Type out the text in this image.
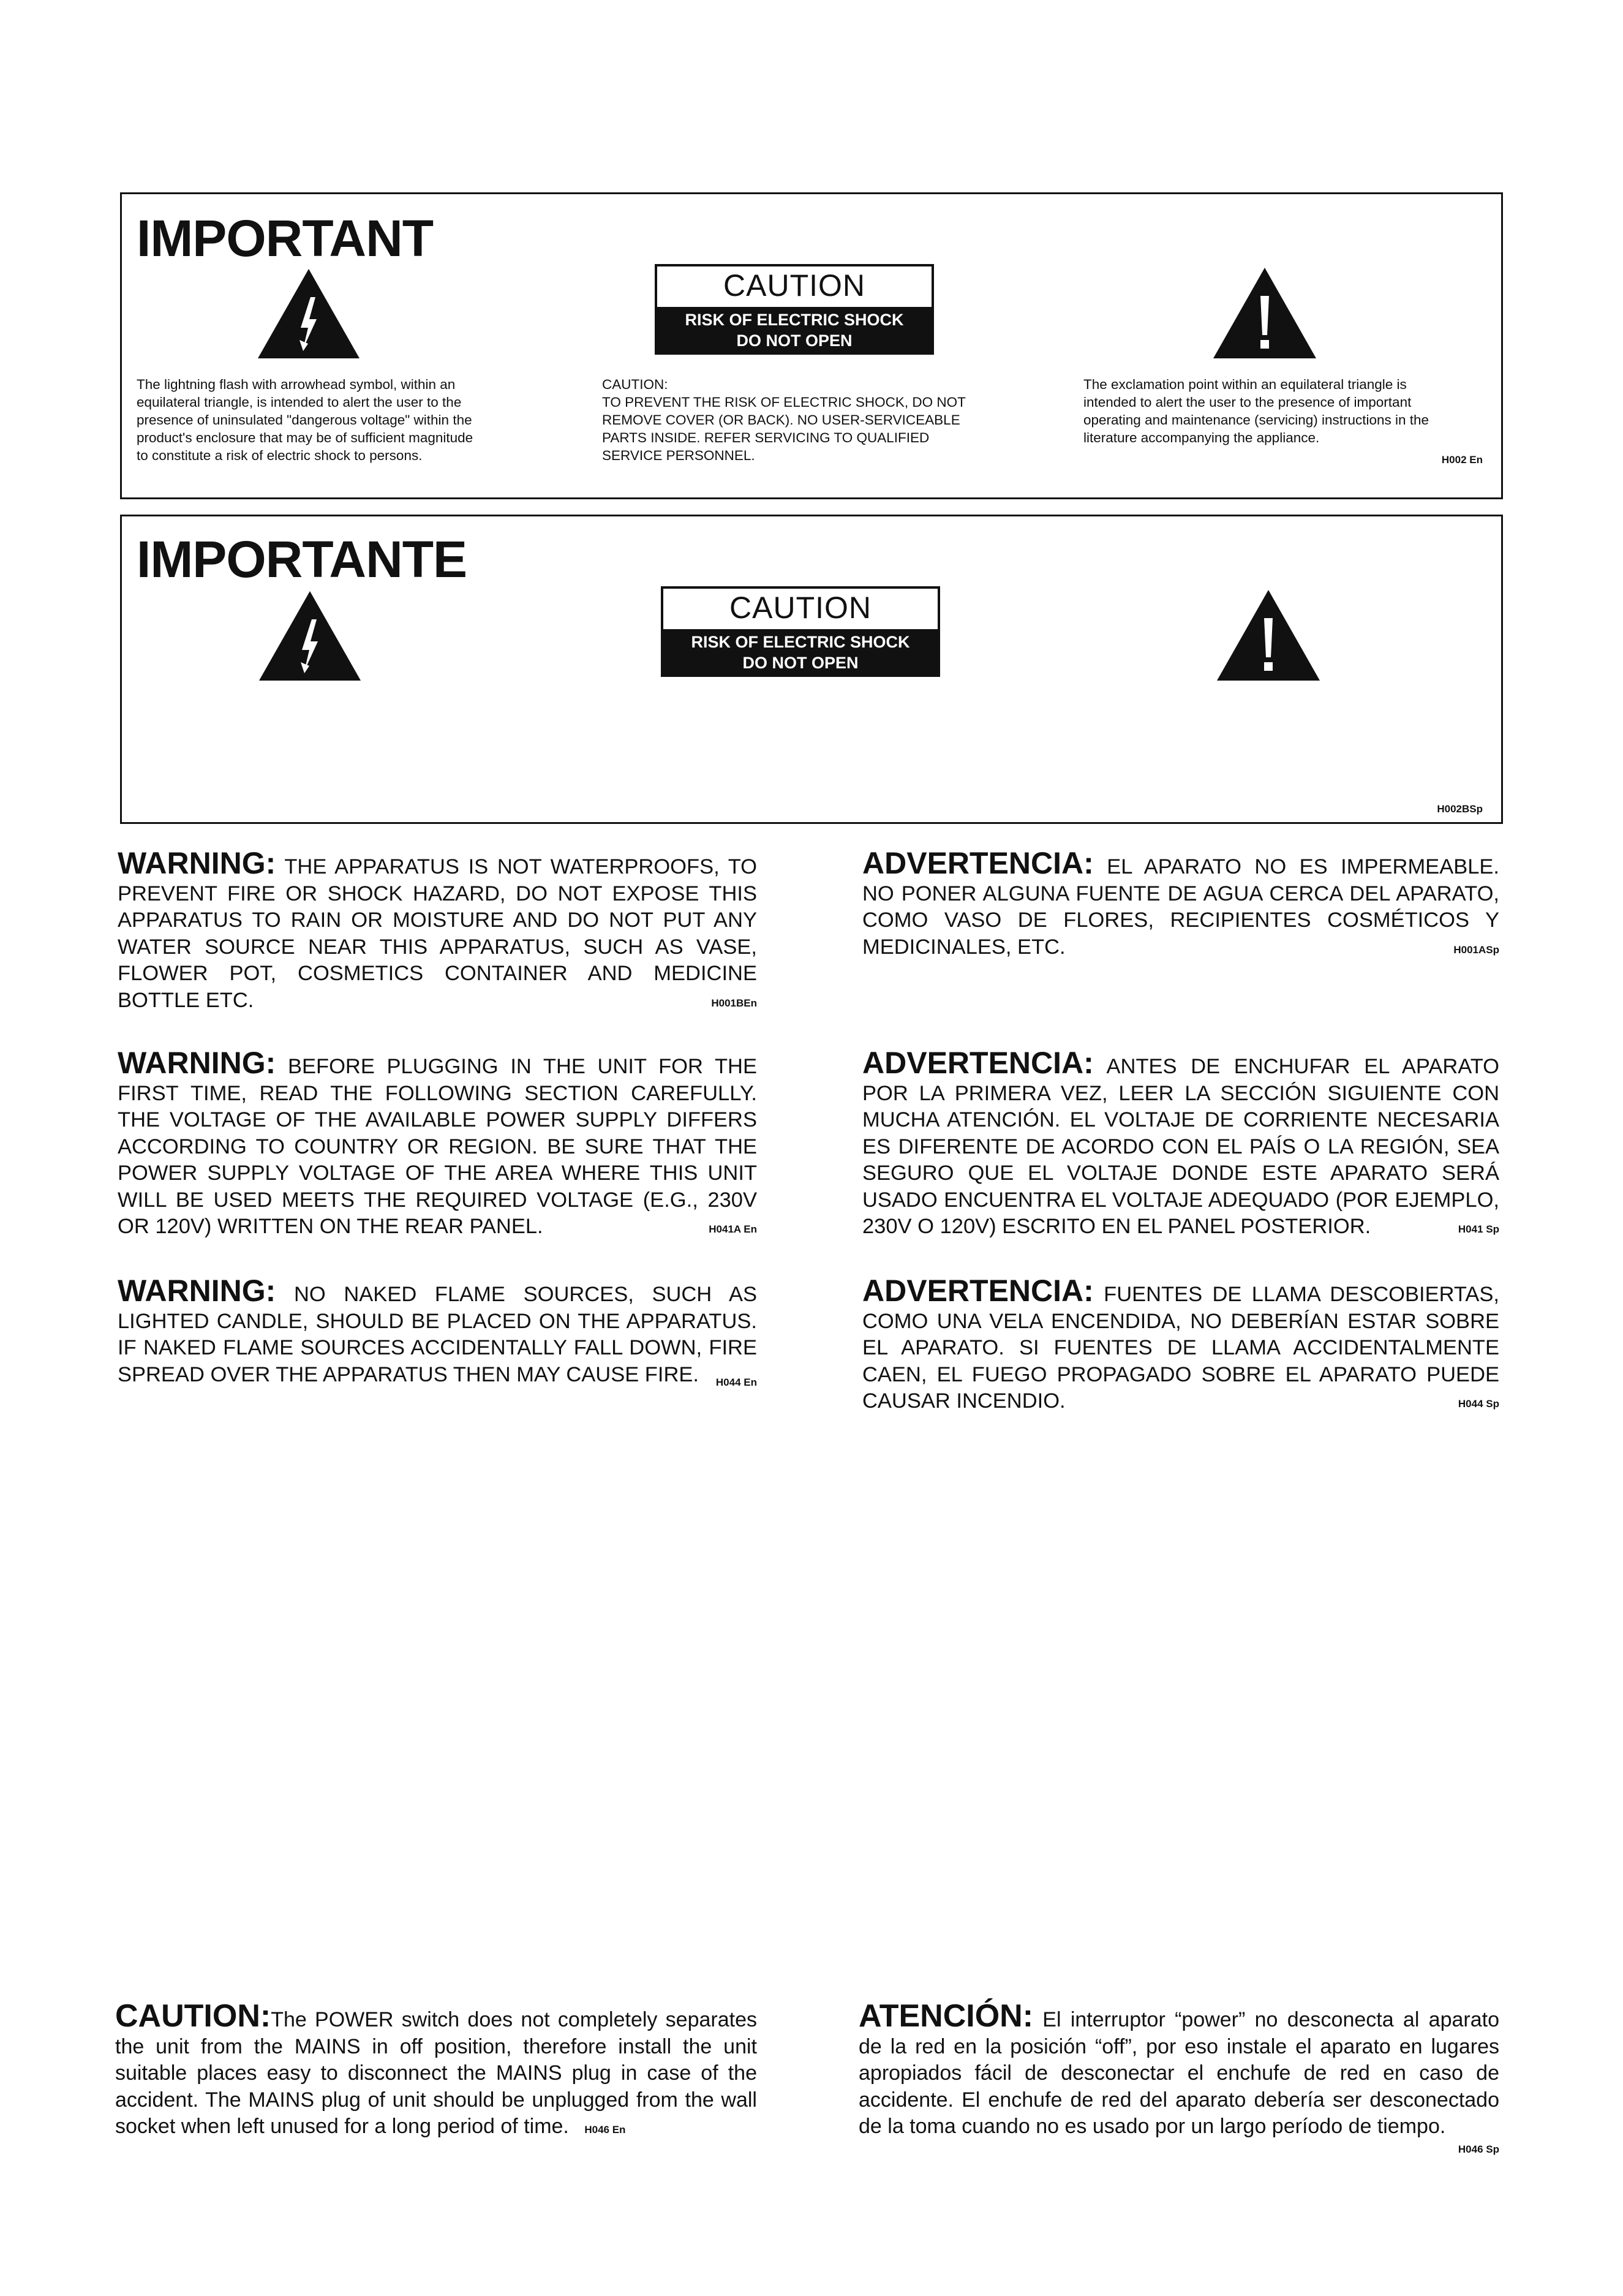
IMPORTANT
CAUTION
RISK OF ELECTRIC SHOCK
DO NOT OPEN
The lightning flash with arrowhead symbol, within an
equilateral triangle, is intended to alert the user to the
presence of uninsulated "dangerous voltage" within the
product's enclosure that may be of sufficient magnitude
to constitute a risk of electric shock to persons.
CAUTION:
TO PREVENT THE RISK OF ELECTRIC SHOCK, DO NOT
REMOVE COVER (OR BACK). NO USER-SERVICEABLE
PARTS INSIDE. REFER SERVICING TO QUALIFIED
SERVICE PERSONNEL.
The exclamation point within an equilateral triangle is
intended to alert the user to the presence of important
operating and maintenance (servicing) instructions in the
literature accompanying the appliance.
H002 En
IMPORTANTE
CAUTION
RISK OF ELECTRIC SHOCK
DO NOT OPEN
H002BSp
WARNING: THE APPARATUS IS NOT WATERPROOFS, TO PREVENT FIRE OR SHOCK HAZARD, DO NOT EXPOSE THIS APPARATUS TO RAIN OR MOISTURE AND DO NOT PUT ANY WATER SOURCE NEAR THIS APPARATUS, SUCH AS VASE, FLOWER POT, COSMETICS CONTAINER AND MEDICINE BOTTLE ETC.	H001BEn
WARNING: BEFORE PLUGGING IN THE UNIT FOR THE FIRST TIME, READ THE FOLLOWING SECTION CAREFULLY. THE VOLTAGE OF THE AVAILABLE POWER SUPPLY DIFFERS ACCORDING TO COUNTRY OR REGION. BE SURE THAT THE POWER SUPPLY VOLTAGE OF THE AREA WHERE THIS UNIT WILL BE USED MEETS THE REQUIRED VOLTAGE (E.G., 230V OR 120V) WRITTEN ON THE REAR PANEL.	H041A En
WARNING: NO NAKED FLAME SOURCES, SUCH AS LIGHTED CANDLE, SHOULD BE PLACED ON THE APPARATUS. IF NAKED FLAME SOURCES ACCIDENTALLY FALL DOWN, FIRE SPREAD OVER THE APPARATUS THEN MAY CAUSE FIRE. H044 En
ADVERTENCIA: EL APARATO NO ES IMPERMEABLE. NO PONER ALGUNA FUENTE DE AGUA CERCA DEL APARATO, COMO VASO DE FLORES, RECIPIENTES COSMÉTICOS Y MEDICINALES, ETC.	H001ASp
ADVERTENCIA: ANTES DE ENCHUFAR EL APARATO POR LA PRIMERA VEZ, LEER LA SECCIÓN SIGUIENTE CON MUCHA ATENCIÓN. EL VOLTAJE DE CORRIENTE NECESARIA ES DIFERENTE DE ACORDO CON EL PAÍS O LA REGIÓN, SEA SEGURO QUE EL VOLTAJE DONDE ESTE APARATO SERÁ USADO ENCUENTRA EL VOLTAJE ADEQUADO (POR EJEMPLO, 230V O 120V) ESCRITO EN EL PANEL POSTERIOR.	H041 Sp
ADVERTENCIA: FUENTES DE LLAMA DESCOBIERTAS, COMO UNA VELA ENCENDIDA, NO DEBERÍAN ESTAR SOBRE EL APARATO. SI FUENTES DE LLAMA ACCIDENTALMENTE CAEN, EL FUEGO PROPAGADO SOBRE EL APARATO PUEDE CAUSAR INCENDIO.	H044 Sp
CAUTION:The POWER switch does not completely separates the unit from the MAINS in off position, therefore install the unit suitable places easy to disconnect the MAINS plug in case of the accident. The MAINS plug of unit should be unplugged from the wall socket when left unused for a long period of time. H046 En
ATENCIÓN: El interruptor “power” no desconecta al aparato de la red en la posición “off”, por eso instale el aparato en lugares apropiados fácil de desconectar el enchufe de red en caso de accidente. El enchufe de red del aparato debería ser desconectado de la toma cuando no es usado por un largo período de tiempo.
H046 Sp
